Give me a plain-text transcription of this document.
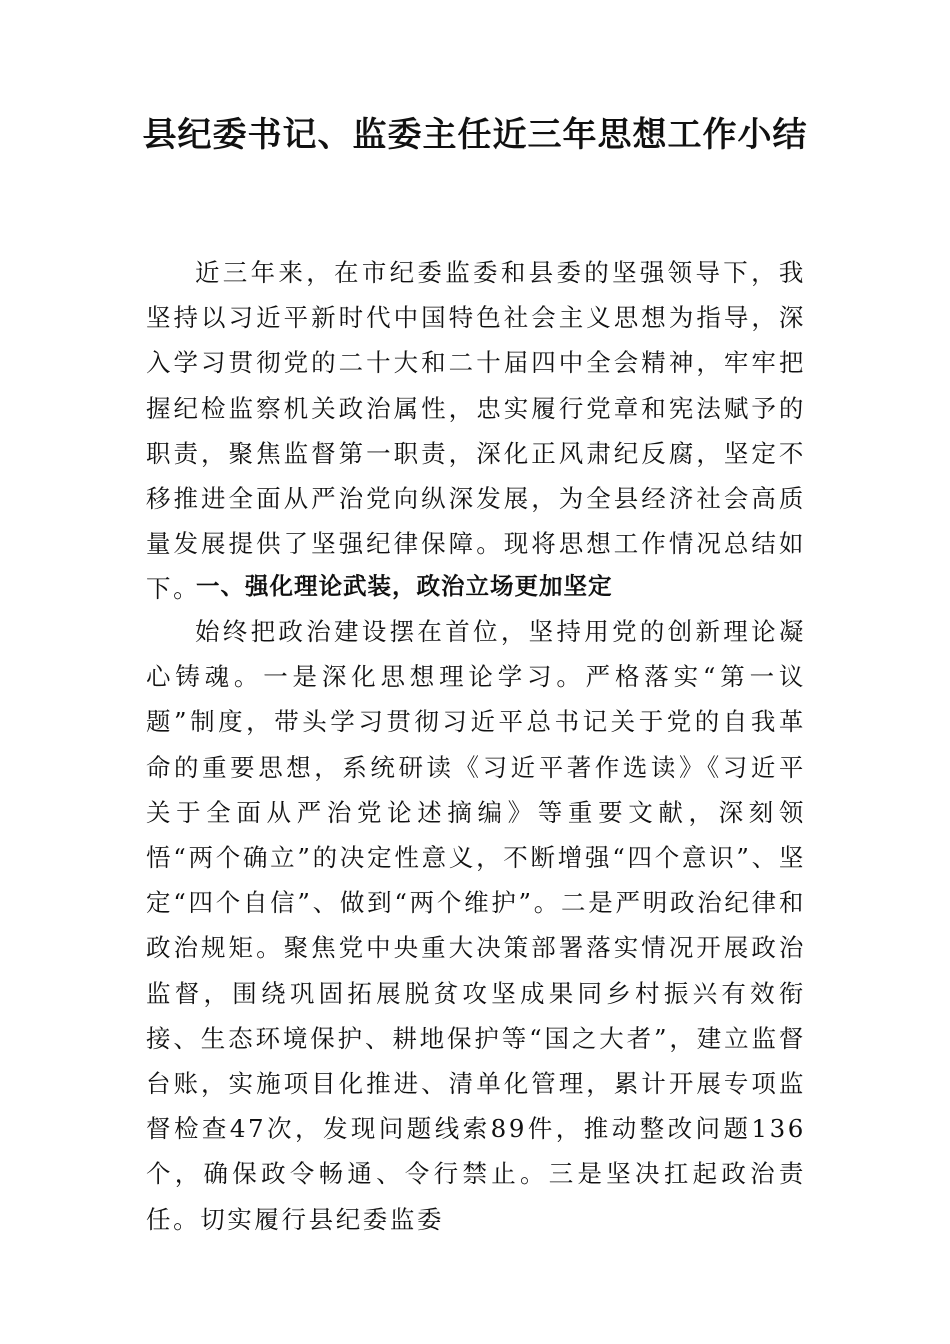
县纪委书记、监委主任近三年思想工作小结

近三年来，在市纪委监委和县委的坚强领导下，我坚持以习近平新时代中国特色社会主义思想为指导，深入学习贯彻党的二十大和二十届四中全会精神，牢牢把握纪检监察机关政治属性，忠实履行党章和宪法赋予的职责，聚焦监督第一职责，深化正风肃纪反腐，坚定不移推进全面从严治党向纵深发展，为全县经济社会高质量发展提供了坚强纪律保障。现将思想工作情况总结如下。

一、强化理论武装，政治立场更加坚定

始终把政治建设摆在首位，坚持用党的创新理论凝心铸魂。一是深化思想理论学习。严格落实“第一议题”制度，带头学习贯彻习近平总书记关于党的自我革命的重要思想，系统研读《习近平著作选读》《习近平关于全面从严治党论述摘编》等重要文献，深刻领悟“两个确立”的决定性意义，不断增强“四个意识”、坚定“四个自信”、做到“两个维护”。二是严明政治纪律和政治规矩。聚焦党中央重大决策部署落实情况开展政治监督，围绕巩固拓展脱贫攻坚成果同乡村振兴有效衔接、生态环境保护、耕地保护等“国之大者”，建立监督台账，实施项目化推进、清单化管理，累计开展专项监督检查47次，发现问题线索89件，推动整改问题136个，确保政令畅通、令行禁止。三是坚决扛起政治责任。切实履行县纪委监委
